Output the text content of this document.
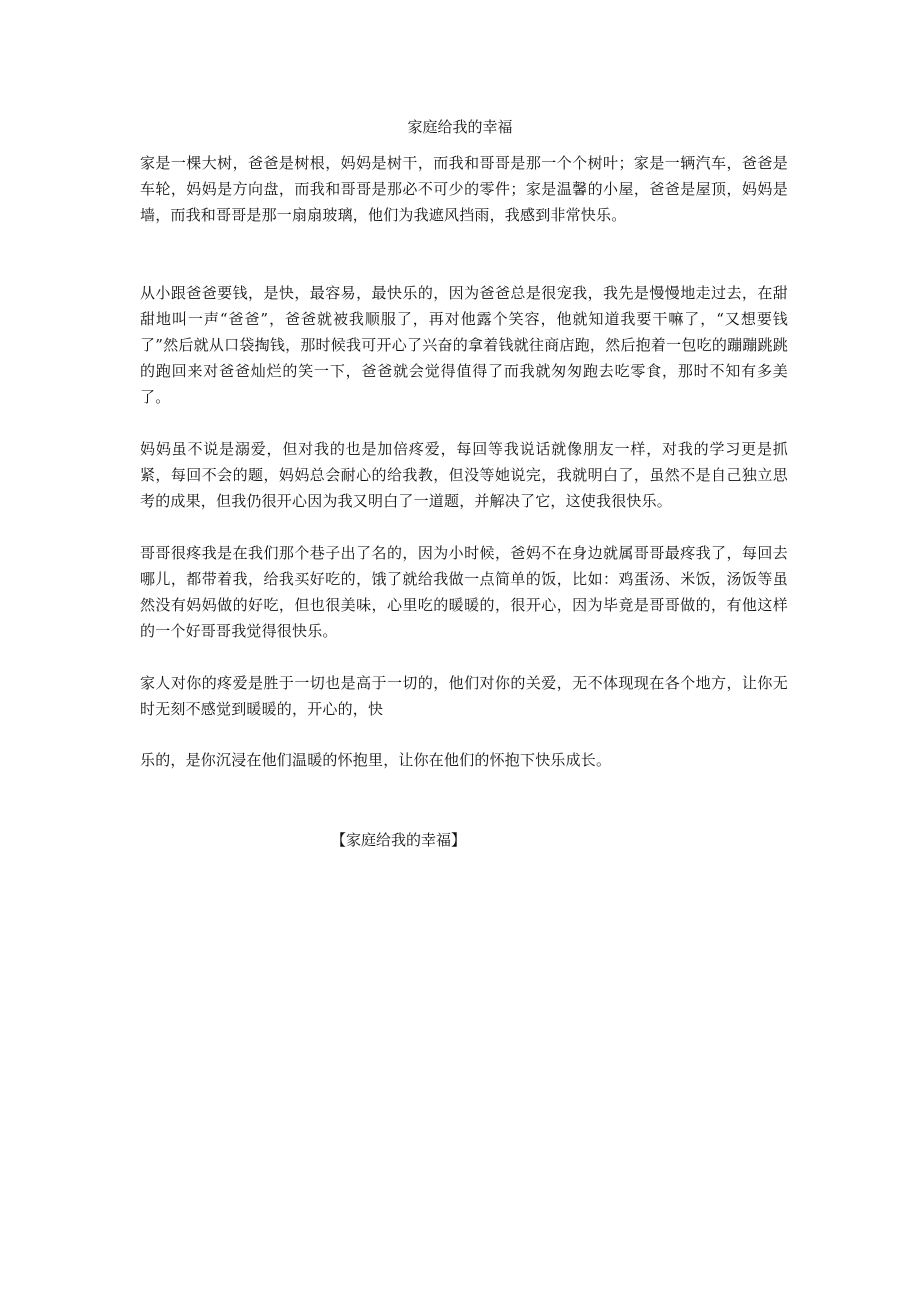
家庭给我的幸福

家是一棵大树，爸爸是树根，妈妈是树干，而我和哥哥是那一个个树叶；家是一辆汽车，爸爸是车轮，妈妈是方向盘，而我和哥哥是那必不可少的零件；家是温馨的小屋，爸爸是屋顶，妈妈是墙，而我和哥哥是那一扇扇玻璃，他们为我遮风挡雨，我感到非常快乐。

从小跟爸爸要钱，是快，最容易，最快乐的，因为爸爸总是很宠我，我先是慢慢地走过去，在甜甜地叫一声“爸爸”，爸爸就被我顺服了，再对他露个笑容，他就知道我要干嘛了，“又想要钱了”然后就从口袋掏钱，那时候我可开心了兴奋的拿着钱就往商店跑，然后抱着一包吃的蹦蹦跳跳的跑回来对爸爸灿烂的笑一下，爸爸就会觉得值得了而我就匆匆跑去吃零食，那时不知有多美了。

妈妈虽不说是溺爱，但对我的也是加倍疼爱，每回等我说话就像朋友一样，对我的学习更是抓紧，每回不会的题，妈妈总会耐心的给我教，但没等她说完，我就明白了，虽然不是自己独立思考的成果，但我仍很开心因为我又明白了一道题，并解决了它，这使我很快乐。

哥哥很疼我是在我们那个巷子出了名的，因为小时候，爸妈不在身边就属哥哥最疼我了，每回去哪儿，都带着我，给我买好吃的，饿了就给我做一点简单的饭，比如：鸡蛋汤、米饭，汤饭等虽然没有妈妈做的好吃，但也很美味，心里吃的暖暖的，很开心，因为毕竟是哥哥做的，有他这样的一个好哥哥我觉得很快乐。

家人对你的疼爱是胜于一切也是高于一切的，他们对你的关爱，无不体现现在各个地方，让你无时无刻不感觉到暖暖的，开心的，快

乐的，是你沉浸在他们温暖的怀抱里，让你在他们的怀抱下快乐成长。

【家庭给我的幸福】
